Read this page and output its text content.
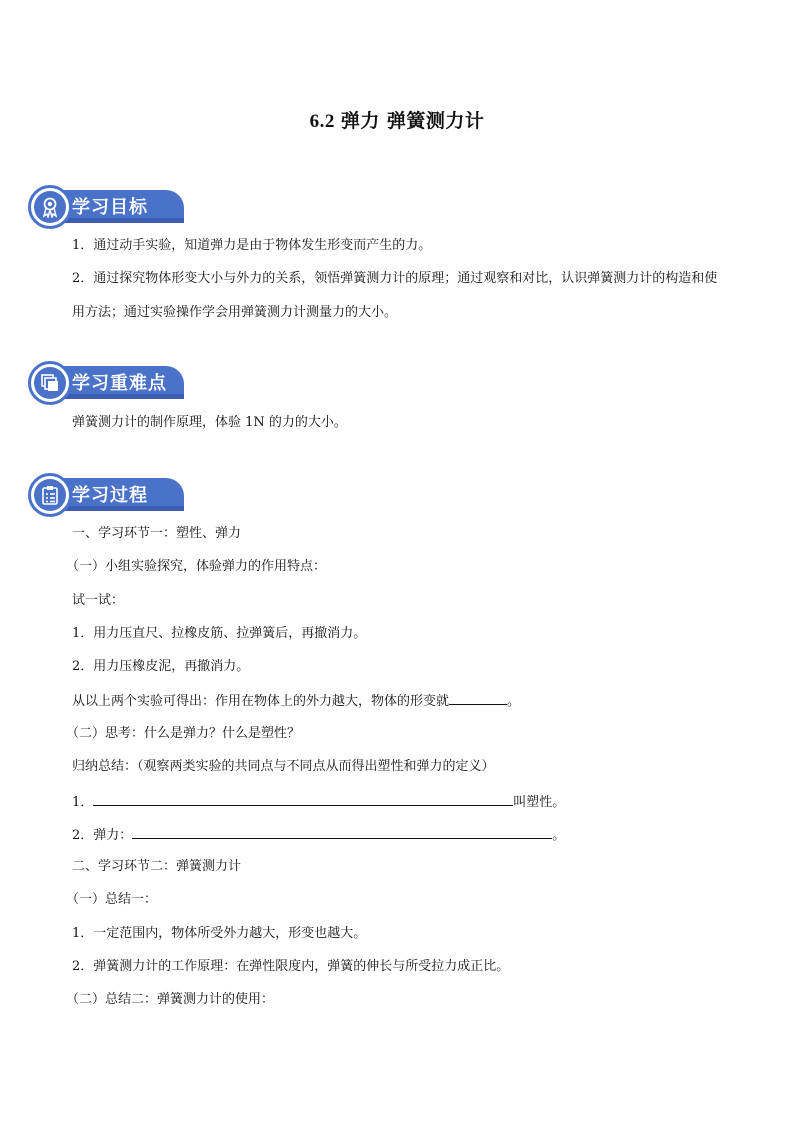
6.2 弹力 弹簧测力计
学习目标
1．通过动手实验，知道弹力是由于物体发生形变而产生的力。
2．通过探究物体形变大小与外力的关系，领悟弹簧测力计的原理；通过观察和对比，认识弹簧测力计的构造和使用方法；通过实验操作学会用弹簧测力计测量力的大小。
学习重难点
弹簧测力计的制作原理，体验 1N 的力的大小。
学习过程
一、学习环节一：塑性、弹力
（一）小组实验探究，体验弹力的作用特点：
试一试：
1．用力压直尺、拉橡皮筋、拉弹簧后，再撤消力。
2．用力压橡皮泥，再撤消力。
从以上两个实验可得出：作用在物体上的外力越大，物体的形变就	。
（二）思考：什么是弹力？什么是塑性？
归纳总结：（观察两类实验的共同点与不同点从而得出塑性和弹力的定义）
1．	叫塑性。
2．弹力：	。
二、学习环节二：弹簧测力计
（一）总结一：
1．一定范围内，物体所受外力越大，形变也越大。
2．弹簧测力计的工作原理：在弹性限度内，弹簧的伸长与所受拉力成正比。
（二）总结二：弹簧测力计的使用：
